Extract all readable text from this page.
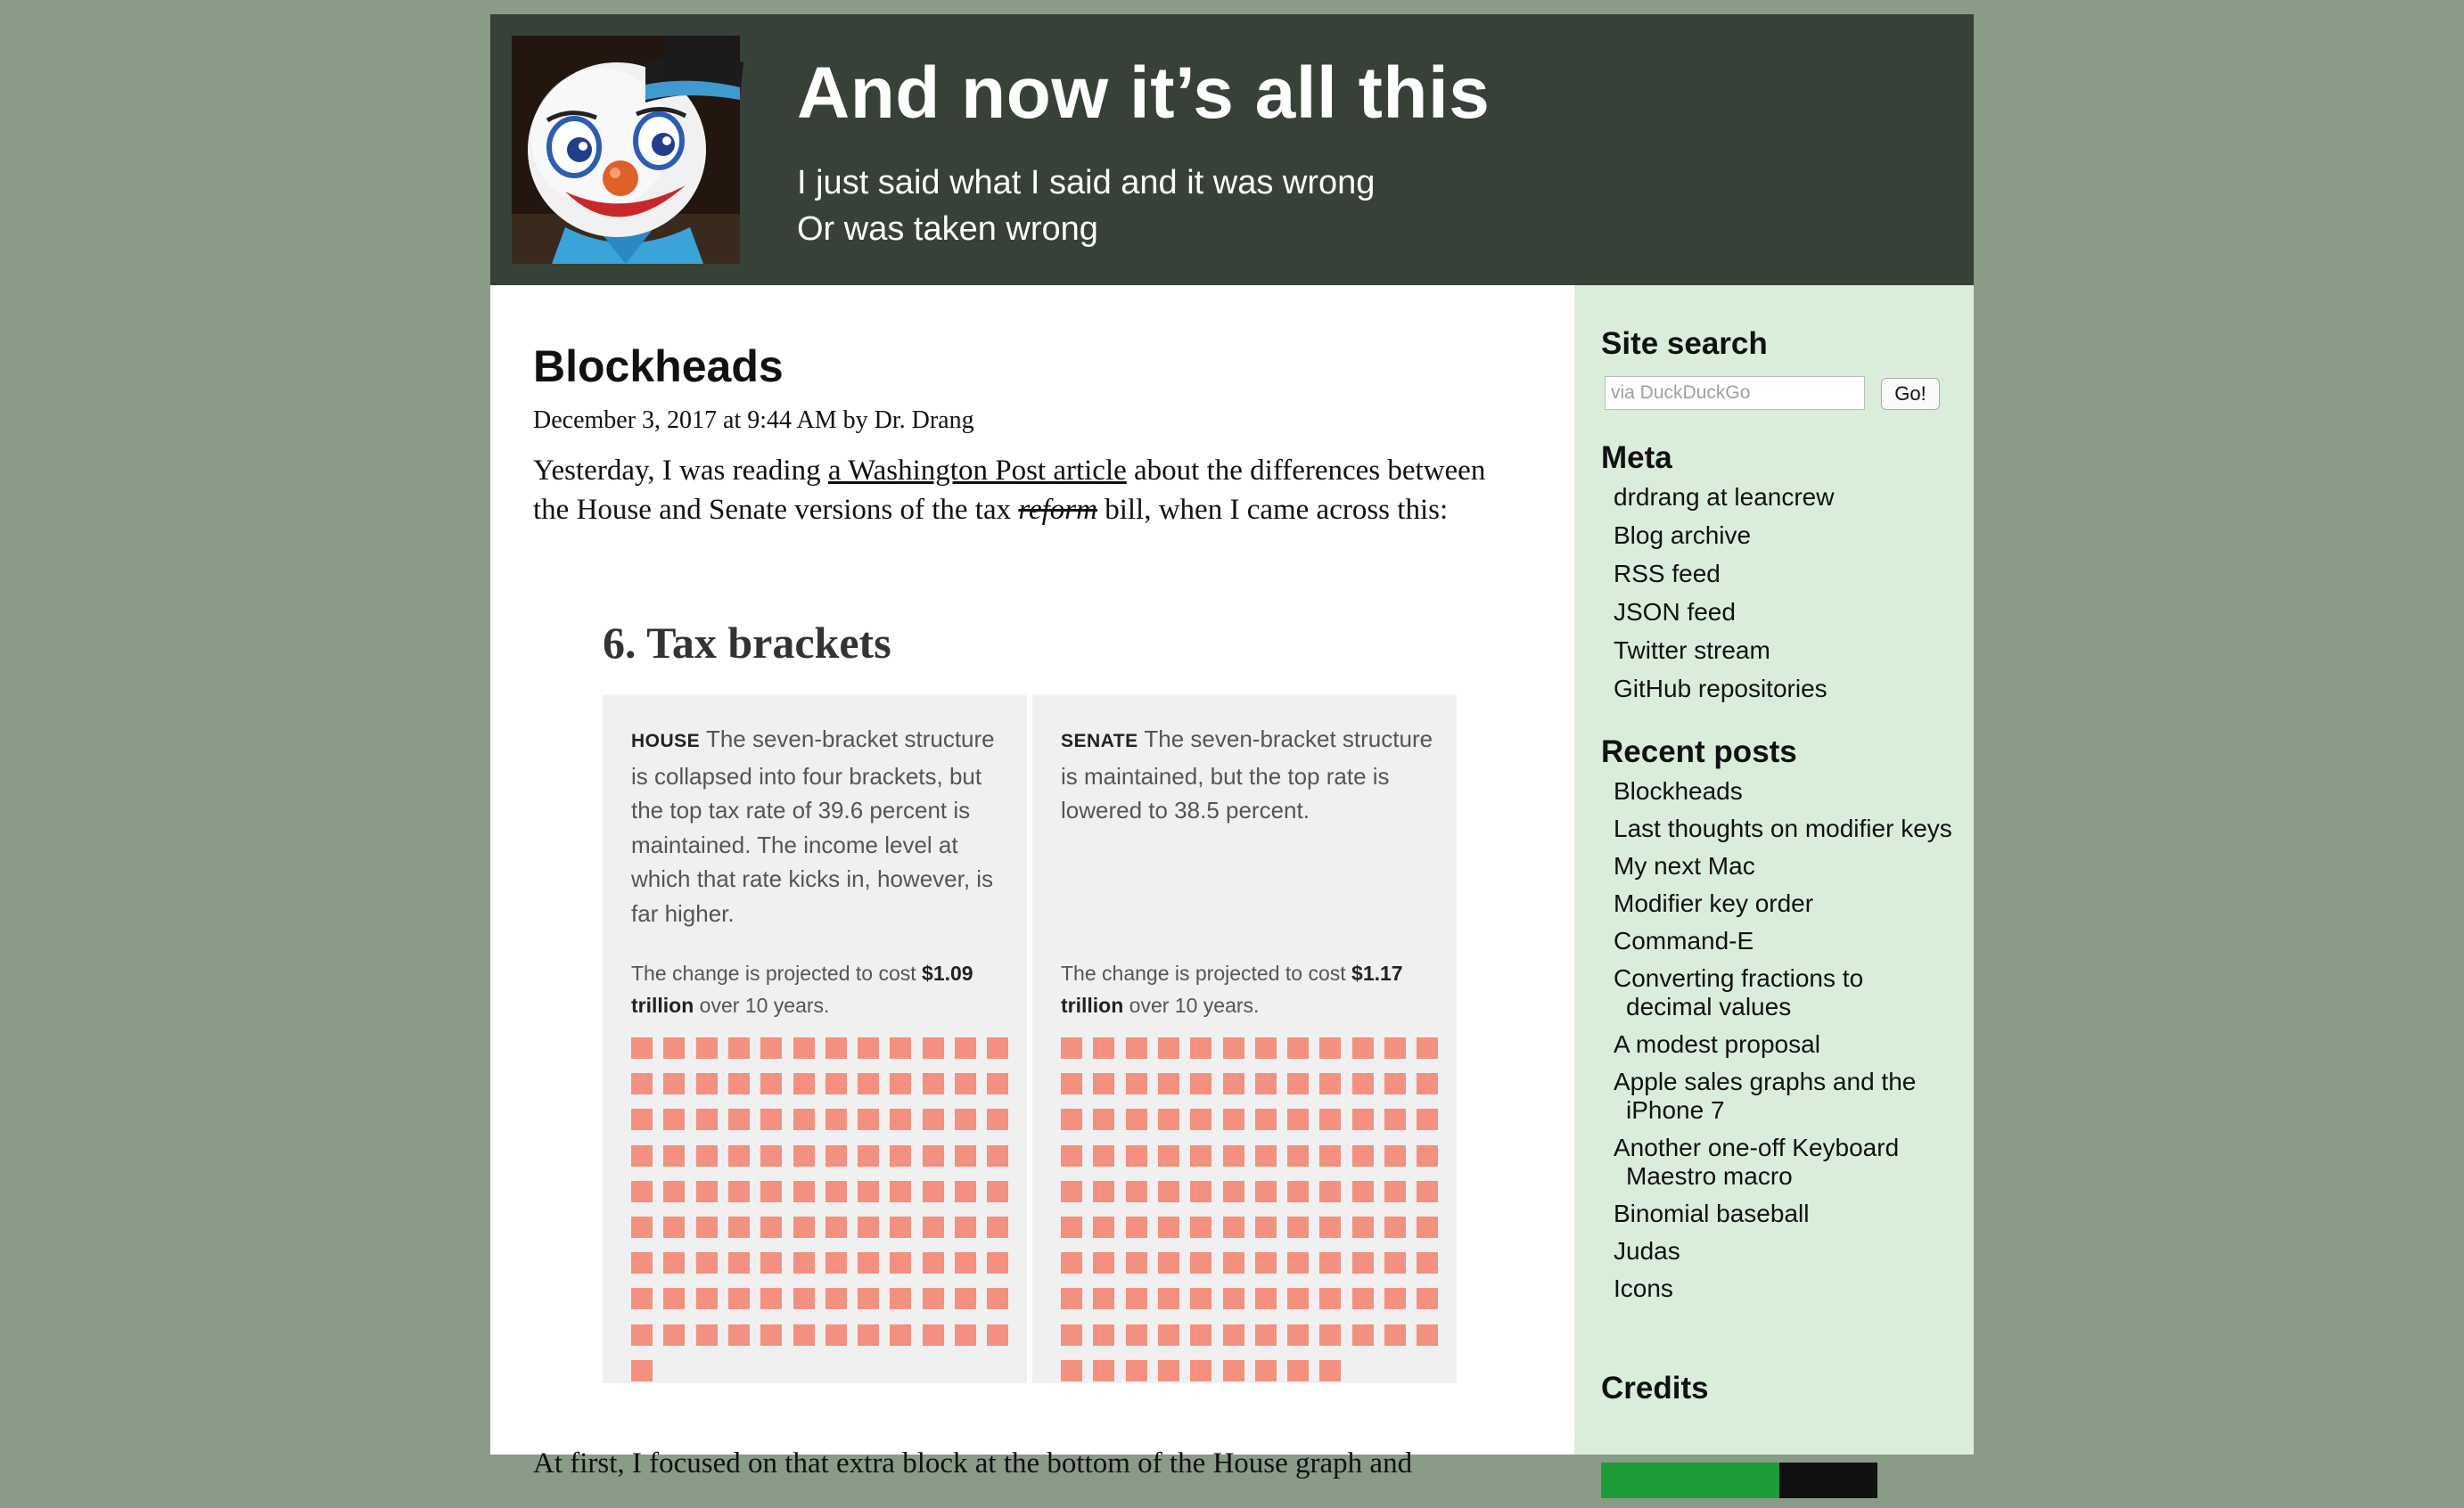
And now it’s all this
I just said what I said and it was wrong
Or was taken wrong
Blockheads
December 3, 2017 at 9:44 AM by Dr. Drang

Yesterday, I was reading a Washington Post article about the differences between the House and Senate versions of the tax reform bill, when I came across this:

6. Tax brackets
HOUSE The seven-bracket structure is collapsed into four brackets, but the top tax rate of 39.6 percent is maintained. The income level at which that rate kicks in, however, is far higher.
The change is projected to cost $1.09 trillion over 10 years.
SENATE The seven-bracket structure is maintained, but the top rate is lowered to 38.5 percent.
The change is projected to cost $1.17 trillion over 10 years.

At first, I focused on that extra block at the bottom of the House graph and

Site search
via DuckDuckGo
Go!
Meta
drdrang at leancrew
Blog archive
RSS feed
JSON feed
Twitter stream
GitHub repositories
Recent posts
Blockheads
Last thoughts on modifier keys
My next Mac
Modifier key order
Command-E
Converting fractions to decimal values
A modest proposal
Apple sales graphs and the iPhone 7
Another one-off Keyboard Maestro macro
Binomial baseball
Judas
Icons
Credits
